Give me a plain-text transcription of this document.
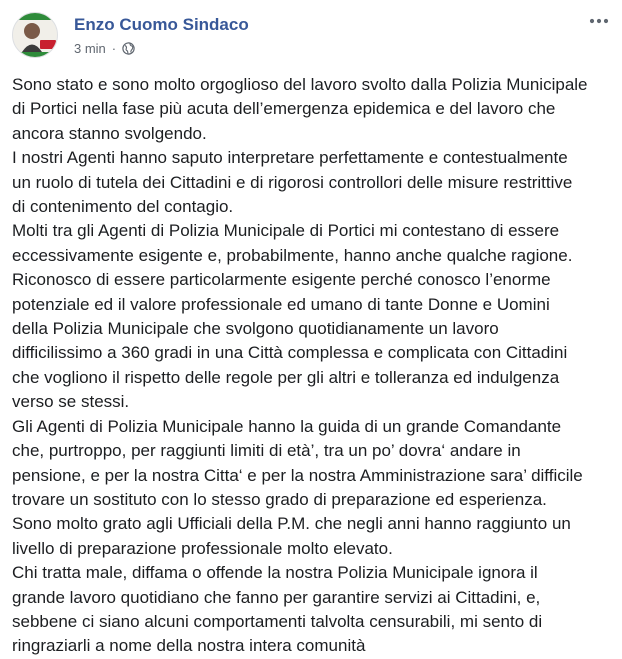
Enzo Cuomo Sindaco
3 min ·

Sono stato e sono molto orgoglioso del lavoro svolto dalla Polizia Municipale

di Portici nella fase più acuta dell’emergenza epidemica e del lavoro che

ancora stanno svolgendo.

I nostri Agenti hanno saputo interpretare perfettamente e contestualmente

un ruolo di tutela dei Cittadini e di rigorosi controllori delle misure restrittive

di contenimento del contagio.

Molti tra gli Agenti di Polizia Municipale di Portici mi contestano di essere

eccessivamente esigente e, probabilmente, hanno anche qualche ragione.

Riconosco di essere particolarmente esigente perché conosco l’enorme

potenziale ed il valore professionale ed umano di tante Donne e Uomini

della Polizia Municipale che svolgono quotidianamente un lavoro

difficilissimo a 360 gradi in una Città complessa e complicata con Cittadini

che vogliono il rispetto delle regole per gli altri e tolleranza ed indulgenza

verso se stessi.

Gli Agenti di Polizia Municipale hanno la guida di un grande Comandante

che, purtroppo, per raggiunti limiti di età’, tra un po’ dovra‘ andare in

pensione, e per la nostra Citta‘ e per la nostra Amministrazione sara’ difficile

trovare un sostituto con lo stesso grado di preparazione ed esperienza.

Sono molto grato agli Ufficiali della P.M. che negli anni hanno raggiunto un

livello di preparazione professionale molto elevato.

Chi tratta male, diffama o offende la nostra Polizia Municipale ignora il

grande lavoro quotidiano che fanno per garantire servizi ai Cittadini, e,

sebbene ci siano alcuni comportamenti talvolta censurabili, mi sento di

ringraziarli a nome della nostra intera comunità
